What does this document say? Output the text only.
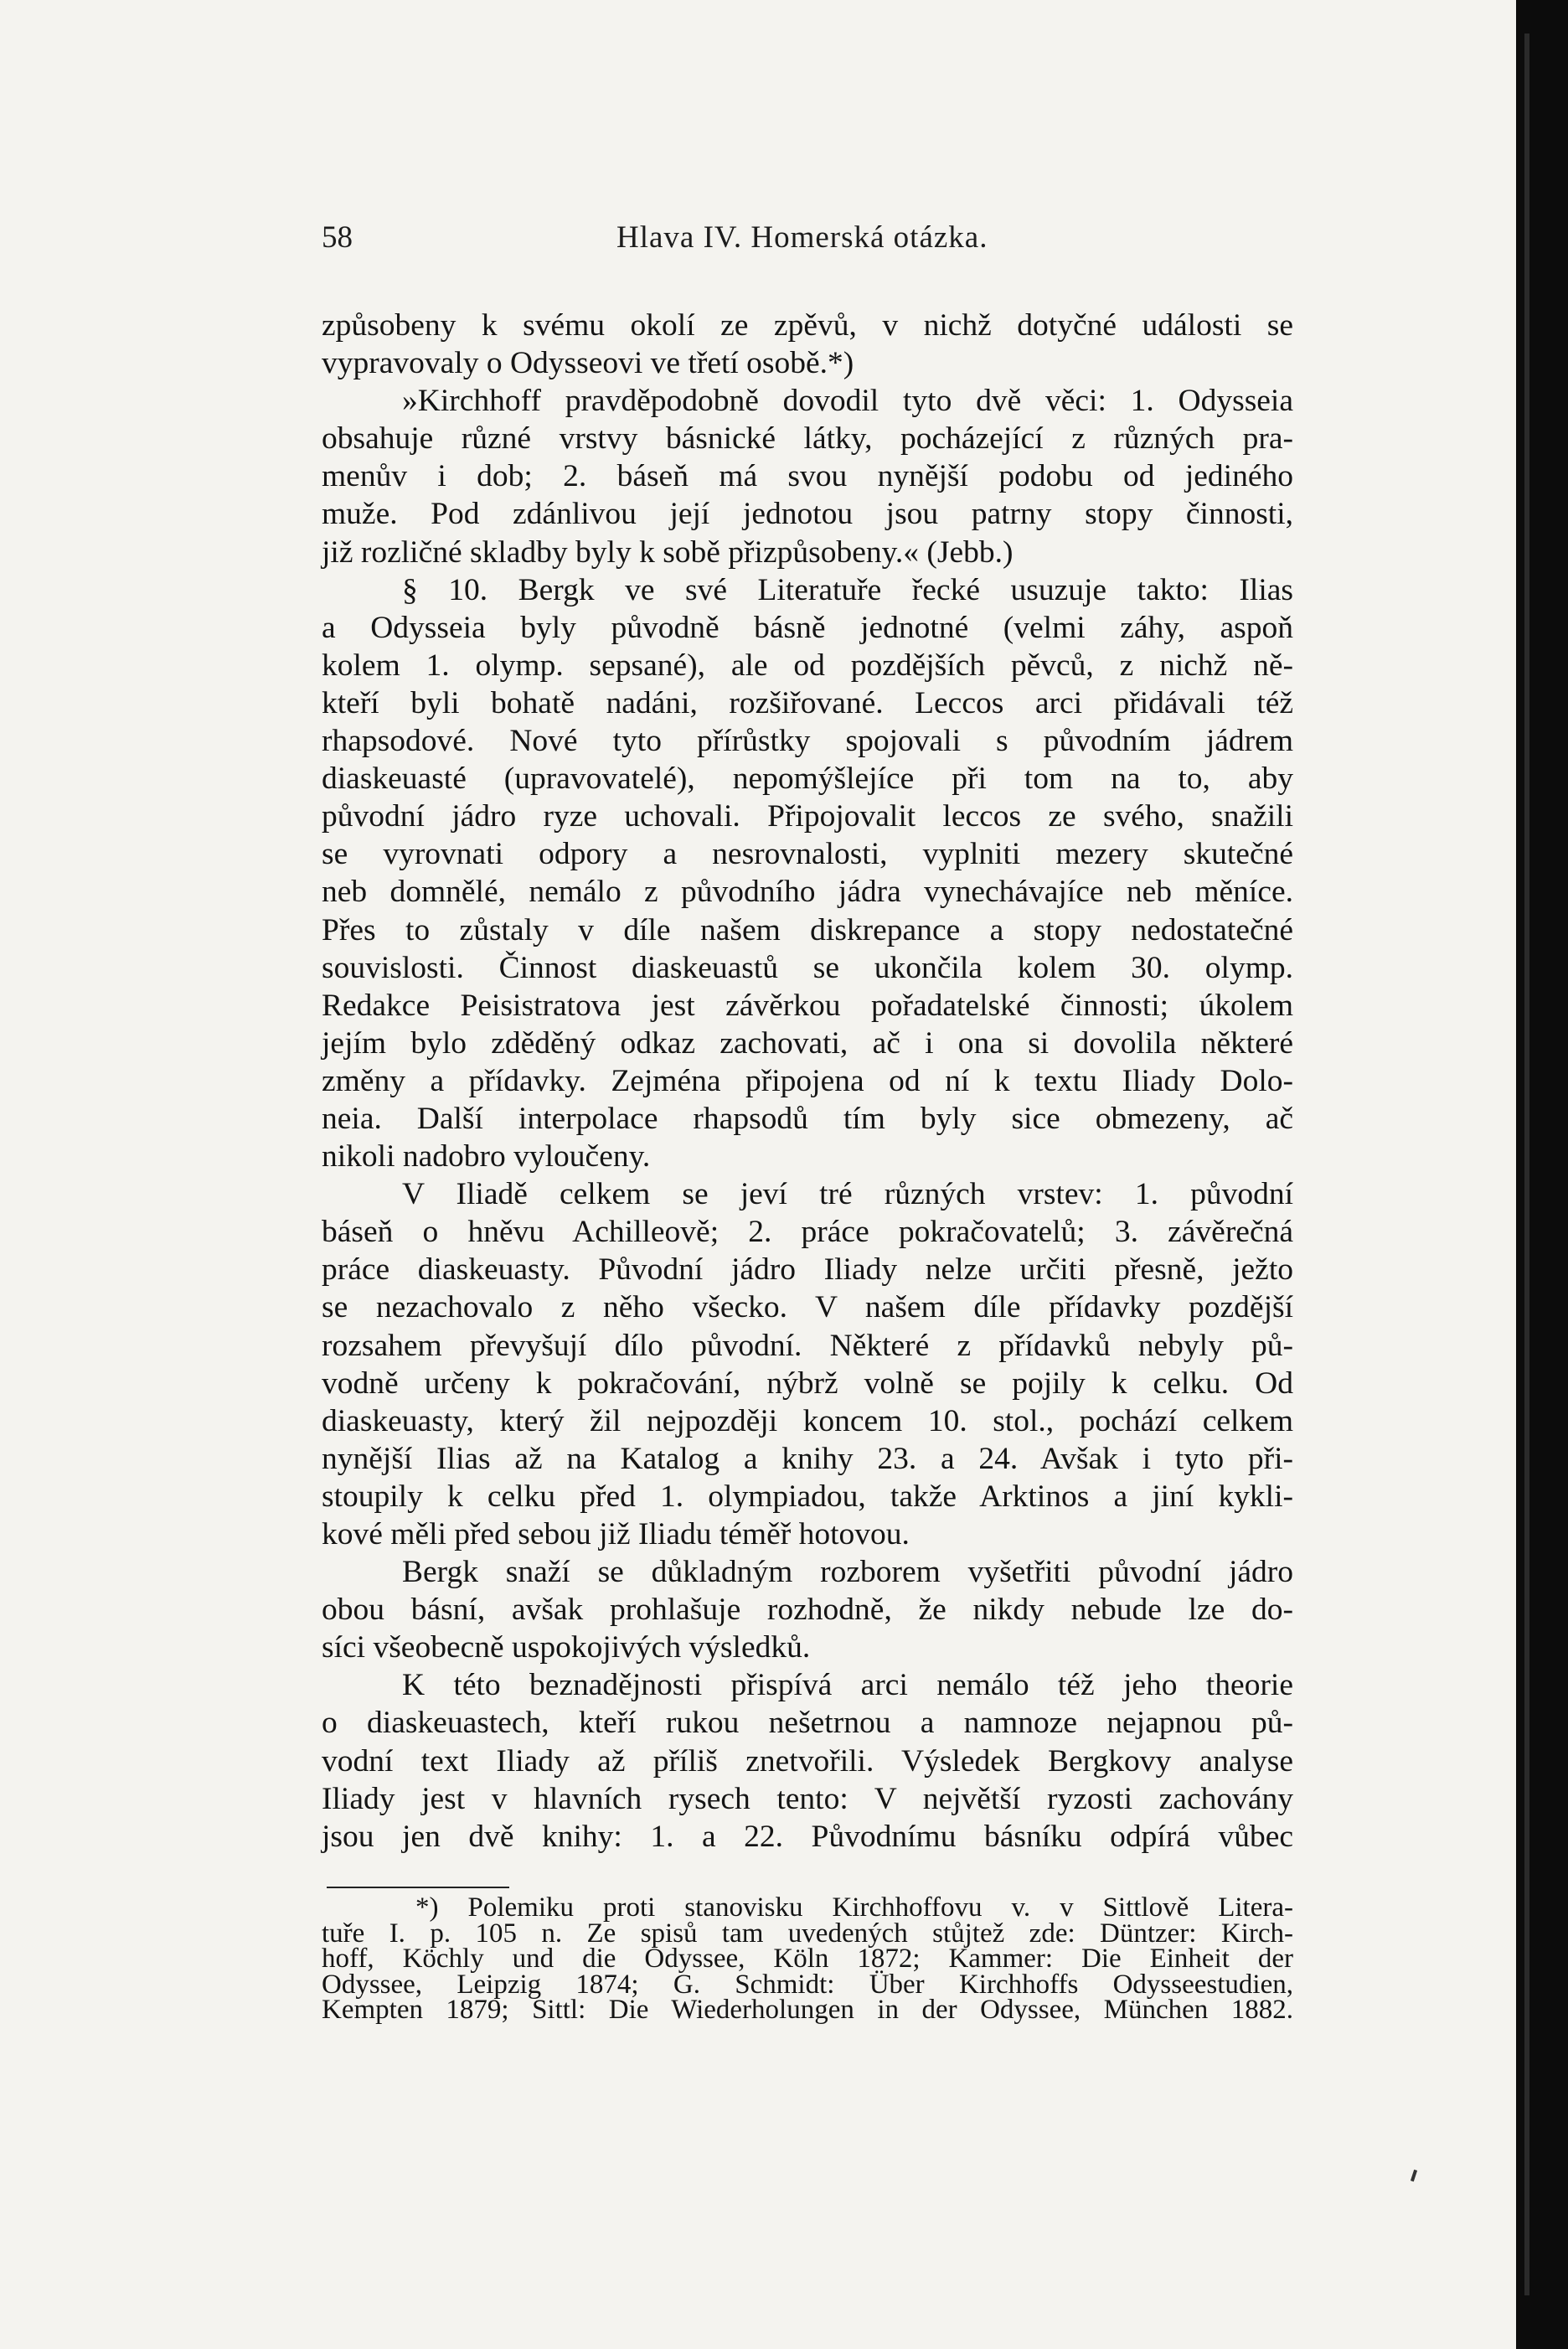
58	Hlava IV. Homerská otázka.
způsobeny k svému okolí ze zpěvů, v nichž dotyčné události se
vypravovaly o Odysseovi ve třetí osobě.*)
»Kirchhoff pravděpodobně dovodil tyto dvě věci: 1. Odysseia
obsahuje různé vrstvy básnické látky, pocházející z různých pra-
menův i dob; 2. báseň má svou nynější podobu od jediného
muže. Pod zdánlivou její jednotou jsou patrny stopy činnosti,
již rozličné skladby byly k sobě přizpůsobeny.« (Jebb.)
§ 10. Bergk ve své Literatuře řecké usuzuje takto: Ilias
a Odysseia byly původně básně jednotné (velmi záhy, aspoň
kolem 1. olymp. sepsané), ale od pozdějších pěvců, z nichž ně-
kteří byli bohatě nadáni, rozšiřované. Leccos arci přidávali též
rhapsodové. Nové tyto přírůstky spojovali s původním jádrem
diaskeuasté (upravovatelé), nepomýšlejíce při tom na to, aby
původní jádro ryze uchovali. Připojovalit leccos ze svého, snažili
se vyrovnati odpory a nesrovnalosti, vyplniti mezery skutečné
neb domnělé, nemálo z původního jádra vynechávajíce neb měníce.
Přes to zůstaly v díle našem diskrepance a stopy nedostatečné
souvislosti. Činnost diaskeuastů se ukončila kolem 30. olymp.
Redakce Peisistratova jest závěrkou pořadatelské činnosti; úkolem
jejím bylo zděděný odkaz zachovati, ač i ona si dovolila některé
změny a přídavky. Zejména připojena od ní k textu Iliady Dolo-
neia. Další interpolace rhapsodů tím byly sice obmezeny, ač
nikoli nadobro vyloučeny.
V Iliadě celkem se jeví tré různých vrstev: 1. původní
báseň o hněvu Achilleově; 2. práce pokračovatelů; 3. závěrečná
práce diaskeuasty. Původní jádro Iliady nelze určiti přesně, ježto
se nezachovalo z něho všecko. V našem díle přídavky pozdější
rozsahem převyšují dílo původní. Některé z přídavků nebyly pů-
vodně určeny k pokračování, nýbrž volně se pojily k celku. Od
diaskeuasty, který žil nejpozději koncem 10. stol., pochází celkem
nynější Ilias až na Katalog a knihy 23. a 24. Avšak i tyto při-
stoupily k celku před 1. olympiadou, takže Arktinos a jiní kykli-
kové měli před sebou již Iliadu téměř hotovou.
Bergk snaží se důkladným rozborem vyšetřiti původní jádro
obou básní, avšak prohlašuje rozhodně, že nikdy nebude lze do-
síci všeobecně uspokojivých výsledků.
K této beznadějnosti přispívá arci nemálo též jeho theorie
o diaskeuastech, kteří rukou nešetrnou a namnoze nejapnou pů-
vodní text Iliady až příliš znetvořili. Výsledek Bergkovy analyse
Iliady jest v hlavních rysech tento: V největší ryzosti zachovány
jsou jen dvě knihy: 1. a 22. Původnímu básníku odpírá vůbec
*) Polemiku proti stanovisku Kirchhoffovu v. v Sittlově Litera-
tuře I. p. 105 n. Ze spisů tam uvedených stůjtež zde: Düntzer: Kirch-
hoff, Köchly und die Odyssee, Köln 1872; Kammer: Die Einheit der
Odyssee, Leipzig 1874; G. Schmidt: Über Kirchhoffs Odysseestudien,
Kempten 1879; Sittl: Die Wiederholungen in der Odyssee, München 1882.
